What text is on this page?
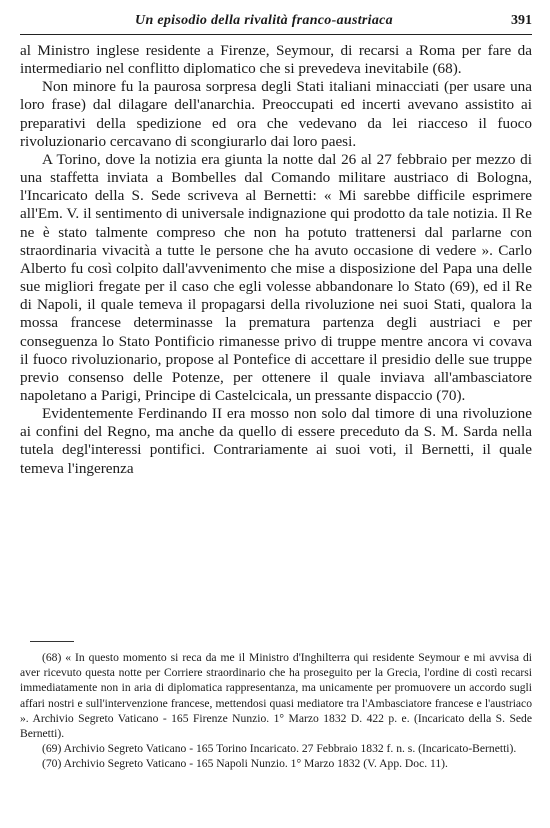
Un episodio della rivalità franco-austriaca	391

al Ministro inglese residente a Firenze, Seymour, di recarsi a Roma per fare da intermediario nel conflitto diplomatico che si prevedeva inevitabile (68).

Non minore fu la paurosa sorpresa degli Stati italiani minacciati (per usare una loro frase) dal dilagare dell'anarchia. Preoccupati ed incerti avevano assistito ai preparativi della spedizione ed ora che vedevano da lei riacceso il fuoco rivoluzionario cercavano di scongiurarlo dai loro paesi.

A Torino, dove la notizia era giunta la notte dal 26 al 27 febbraio per mezzo di una staffetta inviata a Bombelles dal Comando militare austriaco di Bologna, l'Incaricato della S. Sede scriveva al Bernetti: « Mi sarebbe difficile esprimere all'Em. V. il sentimento di universale indignazione qui prodotto da tale notizia. Il Re ne è stato talmente compreso che non ha potuto trattenersi dal parlarne con straordinaria vivacità a tutte le persone che ha avuto occasione di vedere ». Carlo Alberto fu così colpito dall'avvenimento che mise a disposizione del Papa una delle sue migliori fregate per il caso che egli volesse abbandonare lo Stato (69), ed il Re di Napoli, il quale temeva il propagarsi della rivoluzione nei suoi Stati, qualora la mossa francese determinasse la prematura partenza degli austriaci e per conseguenza lo Stato Pontificio rimanesse privo di truppe mentre ancora vi covava il fuoco rivoluzionario, propose al Pontefice di accettare il presidio delle sue truppe previo consenso delle Potenze, per ottenere il quale inviava all'ambasciatore napoletano a Parigi, Principe di Castelcicala, un pressante dispaccio (70).

Evidentemente Ferdinando II era mosso non solo dal timore di una rivoluzione ai confini del Regno, ma anche da quello di essere preceduto da S. M. Sarda nella tutela degl'interessi pontifici. Contrariamente ai suoi voti, il Bernetti, il quale temeva l'ingerenza

(68) « In questo momento si reca da me il Ministro d'Inghilterra qui residente Seymour e mi avvisa di aver ricevuto questa notte per Corriere straordinario che ha proseguito per la Grecia, l'ordine di costì recarsi immediatamente non in aria di diplomatica rappresentanza, ma unicamente per promuovere un accordo sugli affari nostri e sull'intervenzione francese, mettendosi quasi mediatore tra l'Ambasciatore francese e l'austriaco ». Archivio Segreto Vaticano - 165 Firenze Nunzio. 1° Marzo 1832 D. 422 p. e. (Incaricato della S. Sede Bernetti).

(69) Archivio Segreto Vaticano - 165 Torino Incaricato. 27 Febbraio 1832 f. n. s. (Incaricato-Bernetti).

(70) Archivio Segreto Vaticano - 165 Napoli Nunzio. 1° Marzo 1832 (V. App. Doc. 11).
